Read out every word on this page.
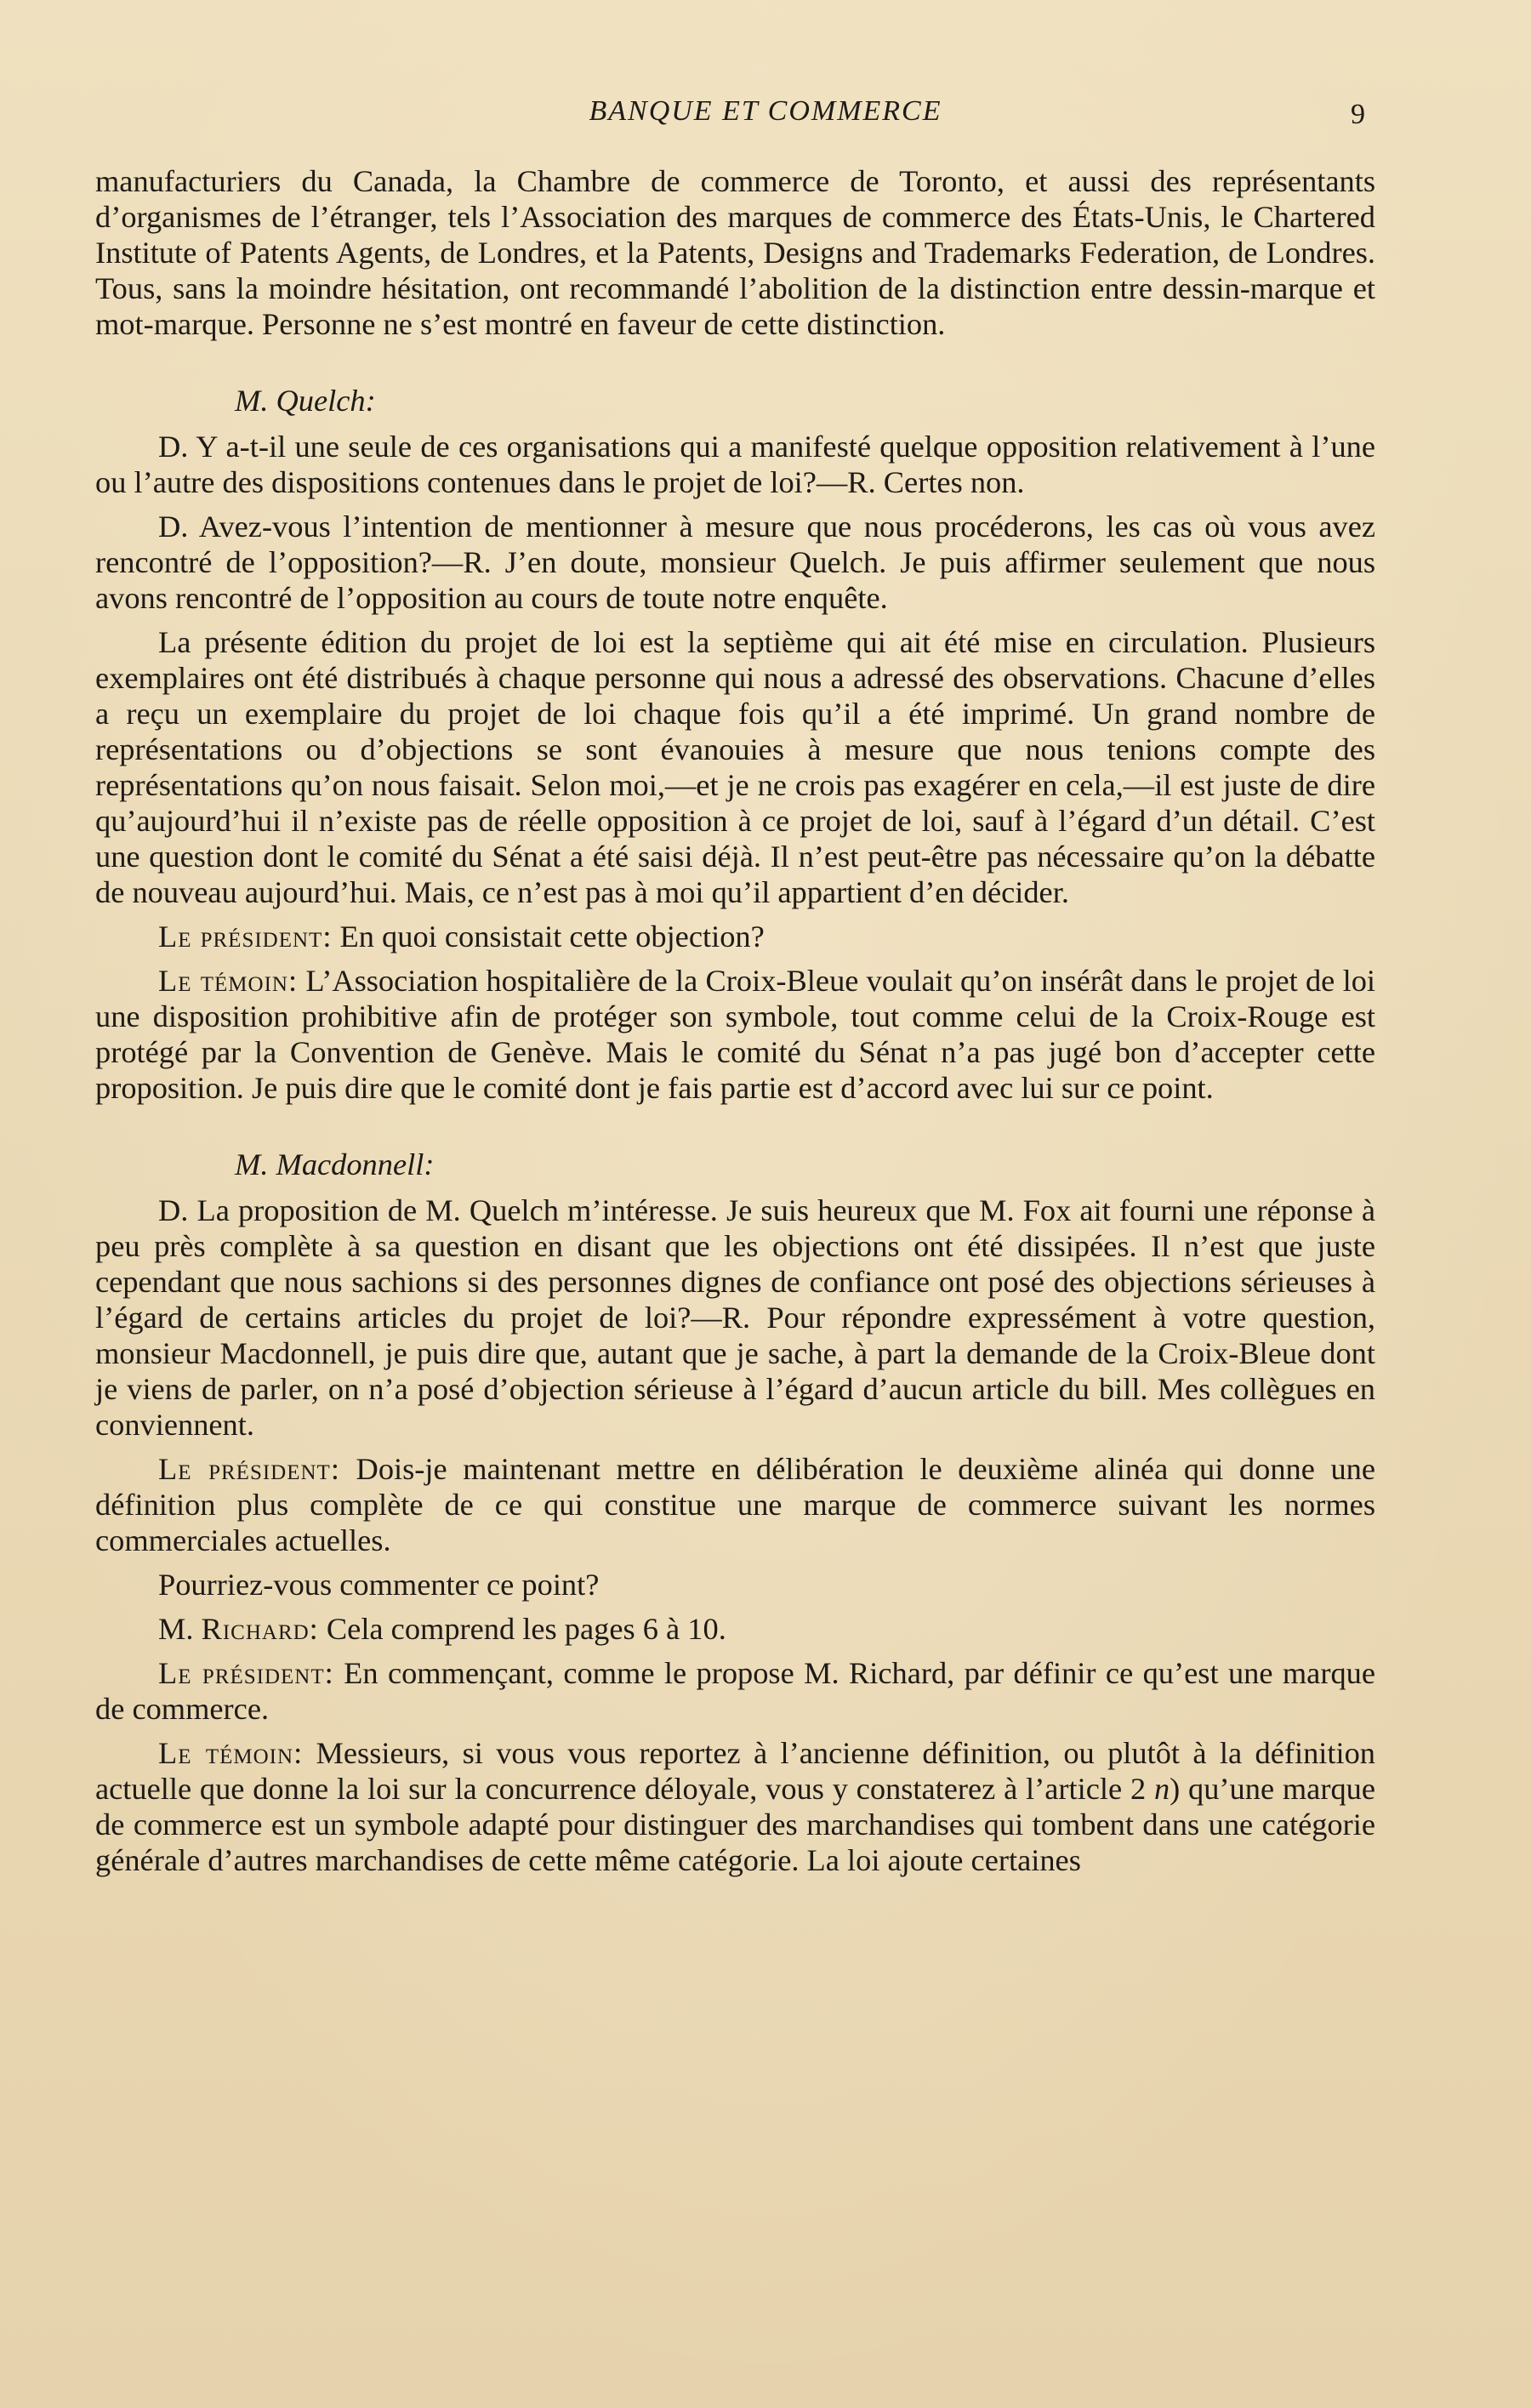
BANQUE ET COMMERCE	9

manufacturiers du Canada, la Chambre de commerce de Toronto, et aussi des représentants d’organismes de l’étranger, tels l’Association des marques de commerce des États-Unis, le Chartered Institute of Patents Agents, de Londres, et la Patents, Designs and Trademarks Federation, de Londres. Tous, sans la moindre hésitation, ont recommandé l’abolition de la distinction entre dessin-marque et mot-marque. Personne ne s’est montré en faveur de cette distinction.

M. Quelch:

D. Y a-t-il une seule de ces organisations qui a manifesté quelque opposition relativement à l’une ou l’autre des dispositions contenues dans le projet de loi?—R. Certes non.

D. Avez-vous l’intention de mentionner à mesure que nous procéderons, les cas où vous avez rencontré de l’opposition?—R. J’en doute, monsieur Quelch. Je puis affirmer seulement que nous avons rencontré de l’opposition au cours de toute notre enquête.

La présente édition du projet de loi est la septième qui ait été mise en circulation. Plusieurs exemplaires ont été distribués à chaque personne qui nous a adressé des observations. Chacune d’elles a reçu un exemplaire du projet de loi chaque fois qu’il a été imprimé. Un grand nombre de représentations ou d’objections se sont évanouies à mesure que nous tenions compte des représentations qu’on nous faisait. Selon moi,—et je ne crois pas exagérer en cela,—il est juste de dire qu’aujourd’hui il n’existe pas de réelle opposition à ce projet de loi, sauf à l’égard d’un détail. C’est une question dont le comité du Sénat a été saisi déjà. Il n’est peut-être pas nécessaire qu’on la débatte de nouveau aujourd’hui. Mais, ce n’est pas à moi qu’il appartient d’en décider.

Le président: En quoi consistait cette objection?

Le témoin: L’Association hospitalière de la Croix-Bleue voulait qu’on insérât dans le projet de loi une disposition prohibitive afin de protéger son symbole, tout comme celui de la Croix-Rouge est protégé par la Convention de Genève. Mais le comité du Sénat n’a pas jugé bon d’accepter cette proposition. Je puis dire que le comité dont je fais partie est d’accord avec lui sur ce point.

M. Macdonnell:

D. La proposition de M. Quelch m’intéresse. Je suis heureux que M. Fox ait fourni une réponse à peu près complète à sa question en disant que les objections ont été dissipées. Il n’est que juste cependant que nous sachions si des personnes dignes de confiance ont posé des objections sérieuses à l’égard de certains articles du projet de loi?—R. Pour répondre expressément à votre question, monsieur Macdonnell, je puis dire que, autant que je sache, à part la demande de la Croix-Bleue dont je viens de parler, on n’a posé d’objection sérieuse à l’égard d’aucun article du bill. Mes collègues en conviennent.

Le président: Dois-je maintenant mettre en délibération le deuxième alinéa qui donne une définition plus complète de ce qui constitue une marque de commerce suivant les normes commerciales actuelles.

Pourriez-vous commenter ce point?

M. Richard: Cela comprend les pages 6 à 10.

Le président: En commençant, comme le propose M. Richard, par définir ce qu’est une marque de commerce.

Le témoin: Messieurs, si vous vous reportez à l’ancienne définition, ou plutôt à la définition actuelle que donne la loi sur la concurrence déloyale, vous y constaterez à l’article 2 n) qu’une marque de commerce est un symbole adapté pour distinguer des marchandises qui tombent dans une catégorie générale d’autres marchandises de cette même catégorie. La loi ajoute certaines
